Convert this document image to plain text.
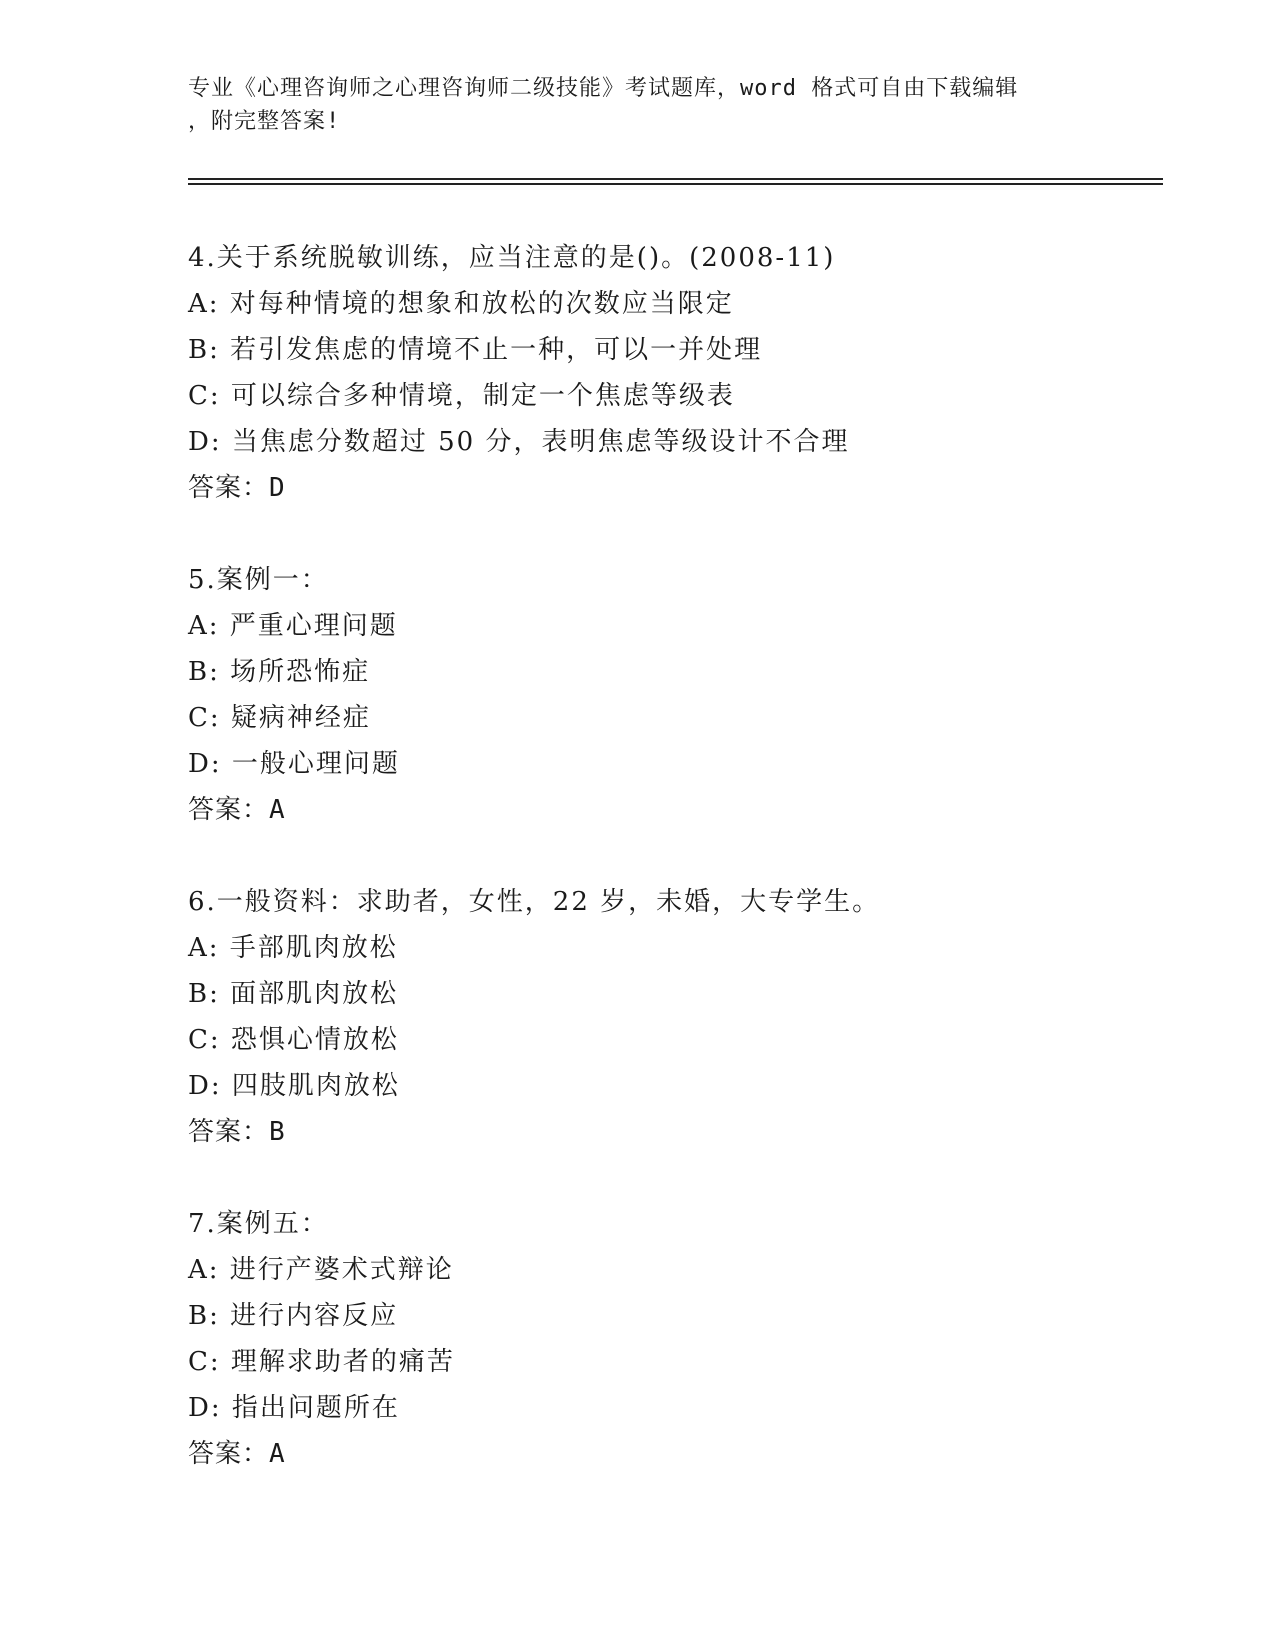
专业《心理咨询师之心理咨询师二级技能》考试题库，word 格式可自由下载编辑
，附完整答案!
4.关于系统脱敏训练，应当注意的是()。(2008-11)
A: 对每种情境的想象和放松的次数应当限定
B: 若引发焦虑的情境不止一种，可以一并处理
C: 可以综合多种情境，制定一个焦虑等级表
D: 当焦虑分数超过 50 分，表明焦虑等级设计不合理
答案：D
5.案例一：
A: 严重心理问题
B: 场所恐怖症
C: 疑病神经症
D: 一般心理问题
答案：A
6.一般资料：求助者，女性，22 岁，未婚，大专学生。
A: 手部肌肉放松
B: 面部肌肉放松
C: 恐惧心情放松
D: 四肢肌肉放松
答案：B
7.案例五：
A: 进行产婆术式辩论
B: 进行内容反应
C: 理解求助者的痛苦
D: 指出问题所在
答案：A
